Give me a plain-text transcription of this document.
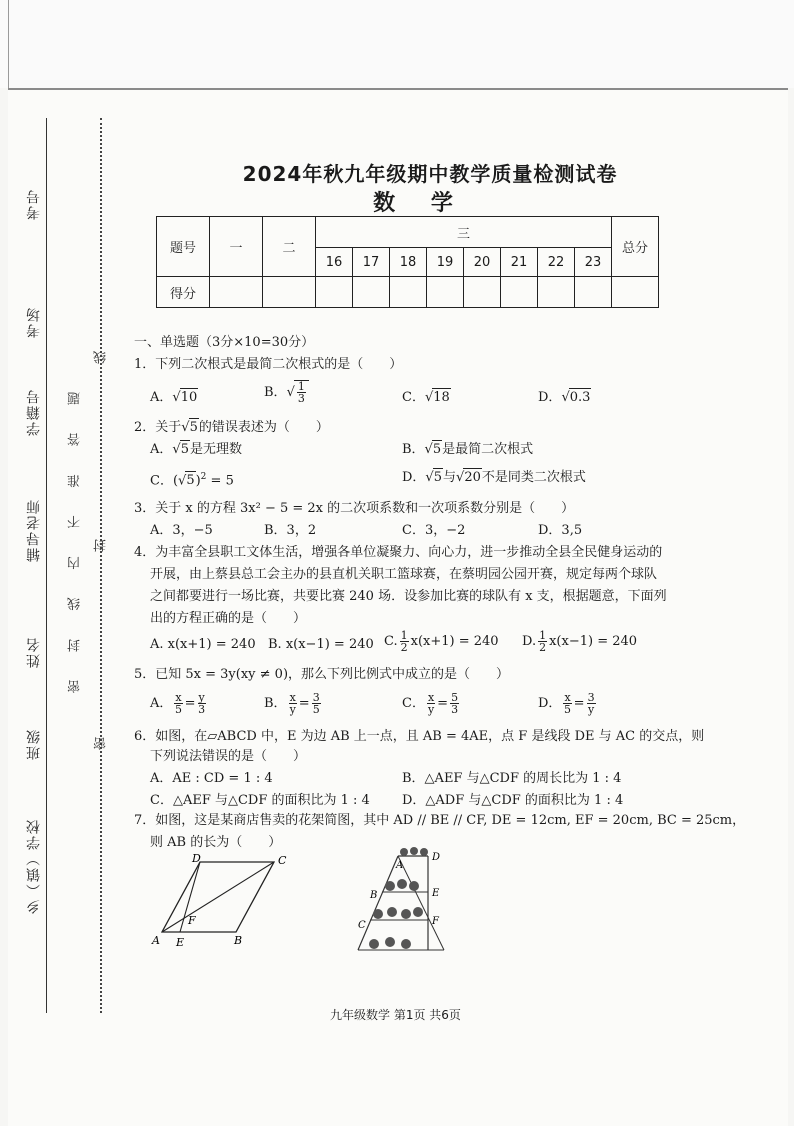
考号
考场
学籍号
辅导老师
姓名
班级
乡（镇）学校
密 封 线 内 不 准 答 题
线
封
密
2024年秋九年级期中教学质量检测试卷
数 学
题号	一	二	三								总分
			16	17	18	19	20	21	22	23	
得分											
一、单选题（3分×10=30分）
1．下列二次根式是最简二次根式的是（　　）
A．√10	B．√ $\frac{1}{3}$	C．√18	D．√0.3
2．关于√5的错误表述为（　　）
A．√5是无理数	B．√5是最简二次根式
C．$(√5)^2 = 5$	D．√5与√20不是同类二次根式
3．关于 x 的方程 3x² − 5 = 2x 的二次项系数和一次项系数分别是（　　）
A．3，−5	B．3，2	C．3，−2	D．3,5
4．为丰富全县职工文体生活，增强各单位凝聚力、向心力，进一步推动全县全民健身运动的
开展，由上蔡县总工会主办的县直机关职工篮球赛，在蔡明园公园开赛，规定每两个球队
之间都要进行一场比赛，共要比赛 240 场．设参加比赛的球队有 x 支，根据题意，下面列
出的方程正确的是（　　）
A. x(x+1) = 240 B. x(x−1) = 240 C. $\frac{1}{2} x(x+1) = 240$ D. $\frac{1}{2} x(x-1) = 240$
5．已知 5x = 3y(xy ≠ 0)，那么下列比例式中成立的是（　　）
A． $\frac{x}{5} = \frac{y}{3}$	B． $\frac{x}{y} = \frac{3}{5}$	C． $\frac{x}{y} = \frac{5}{3}$	D． $\frac{x}{5} = \frac{3}{y}$
6．如图，在▱ABCD 中，E 为边 AB 上一点，且 AB = 4AE，点 F 是线段 DE 与 AC 的交点，则
下列说法错误的是（　　）
A．AE : CD = 1 : 4	B．△AEF 与△CDF 的周长比为 1 : 4
C．△AEF 与△CDF 的面积比为 1 : 4 D．△ADF 与△CDF 的面积比为 1 : 4
7．如图，这是某商店售卖的花架简图，其中 AD // BE // CF, DE = 12cm, EF = 20cm, BC = 25cm，
则 AB 的长为（　　）
A	B
C
D
E
F
A
D
E
F
B
C
九年级数学 第1页 共6页
